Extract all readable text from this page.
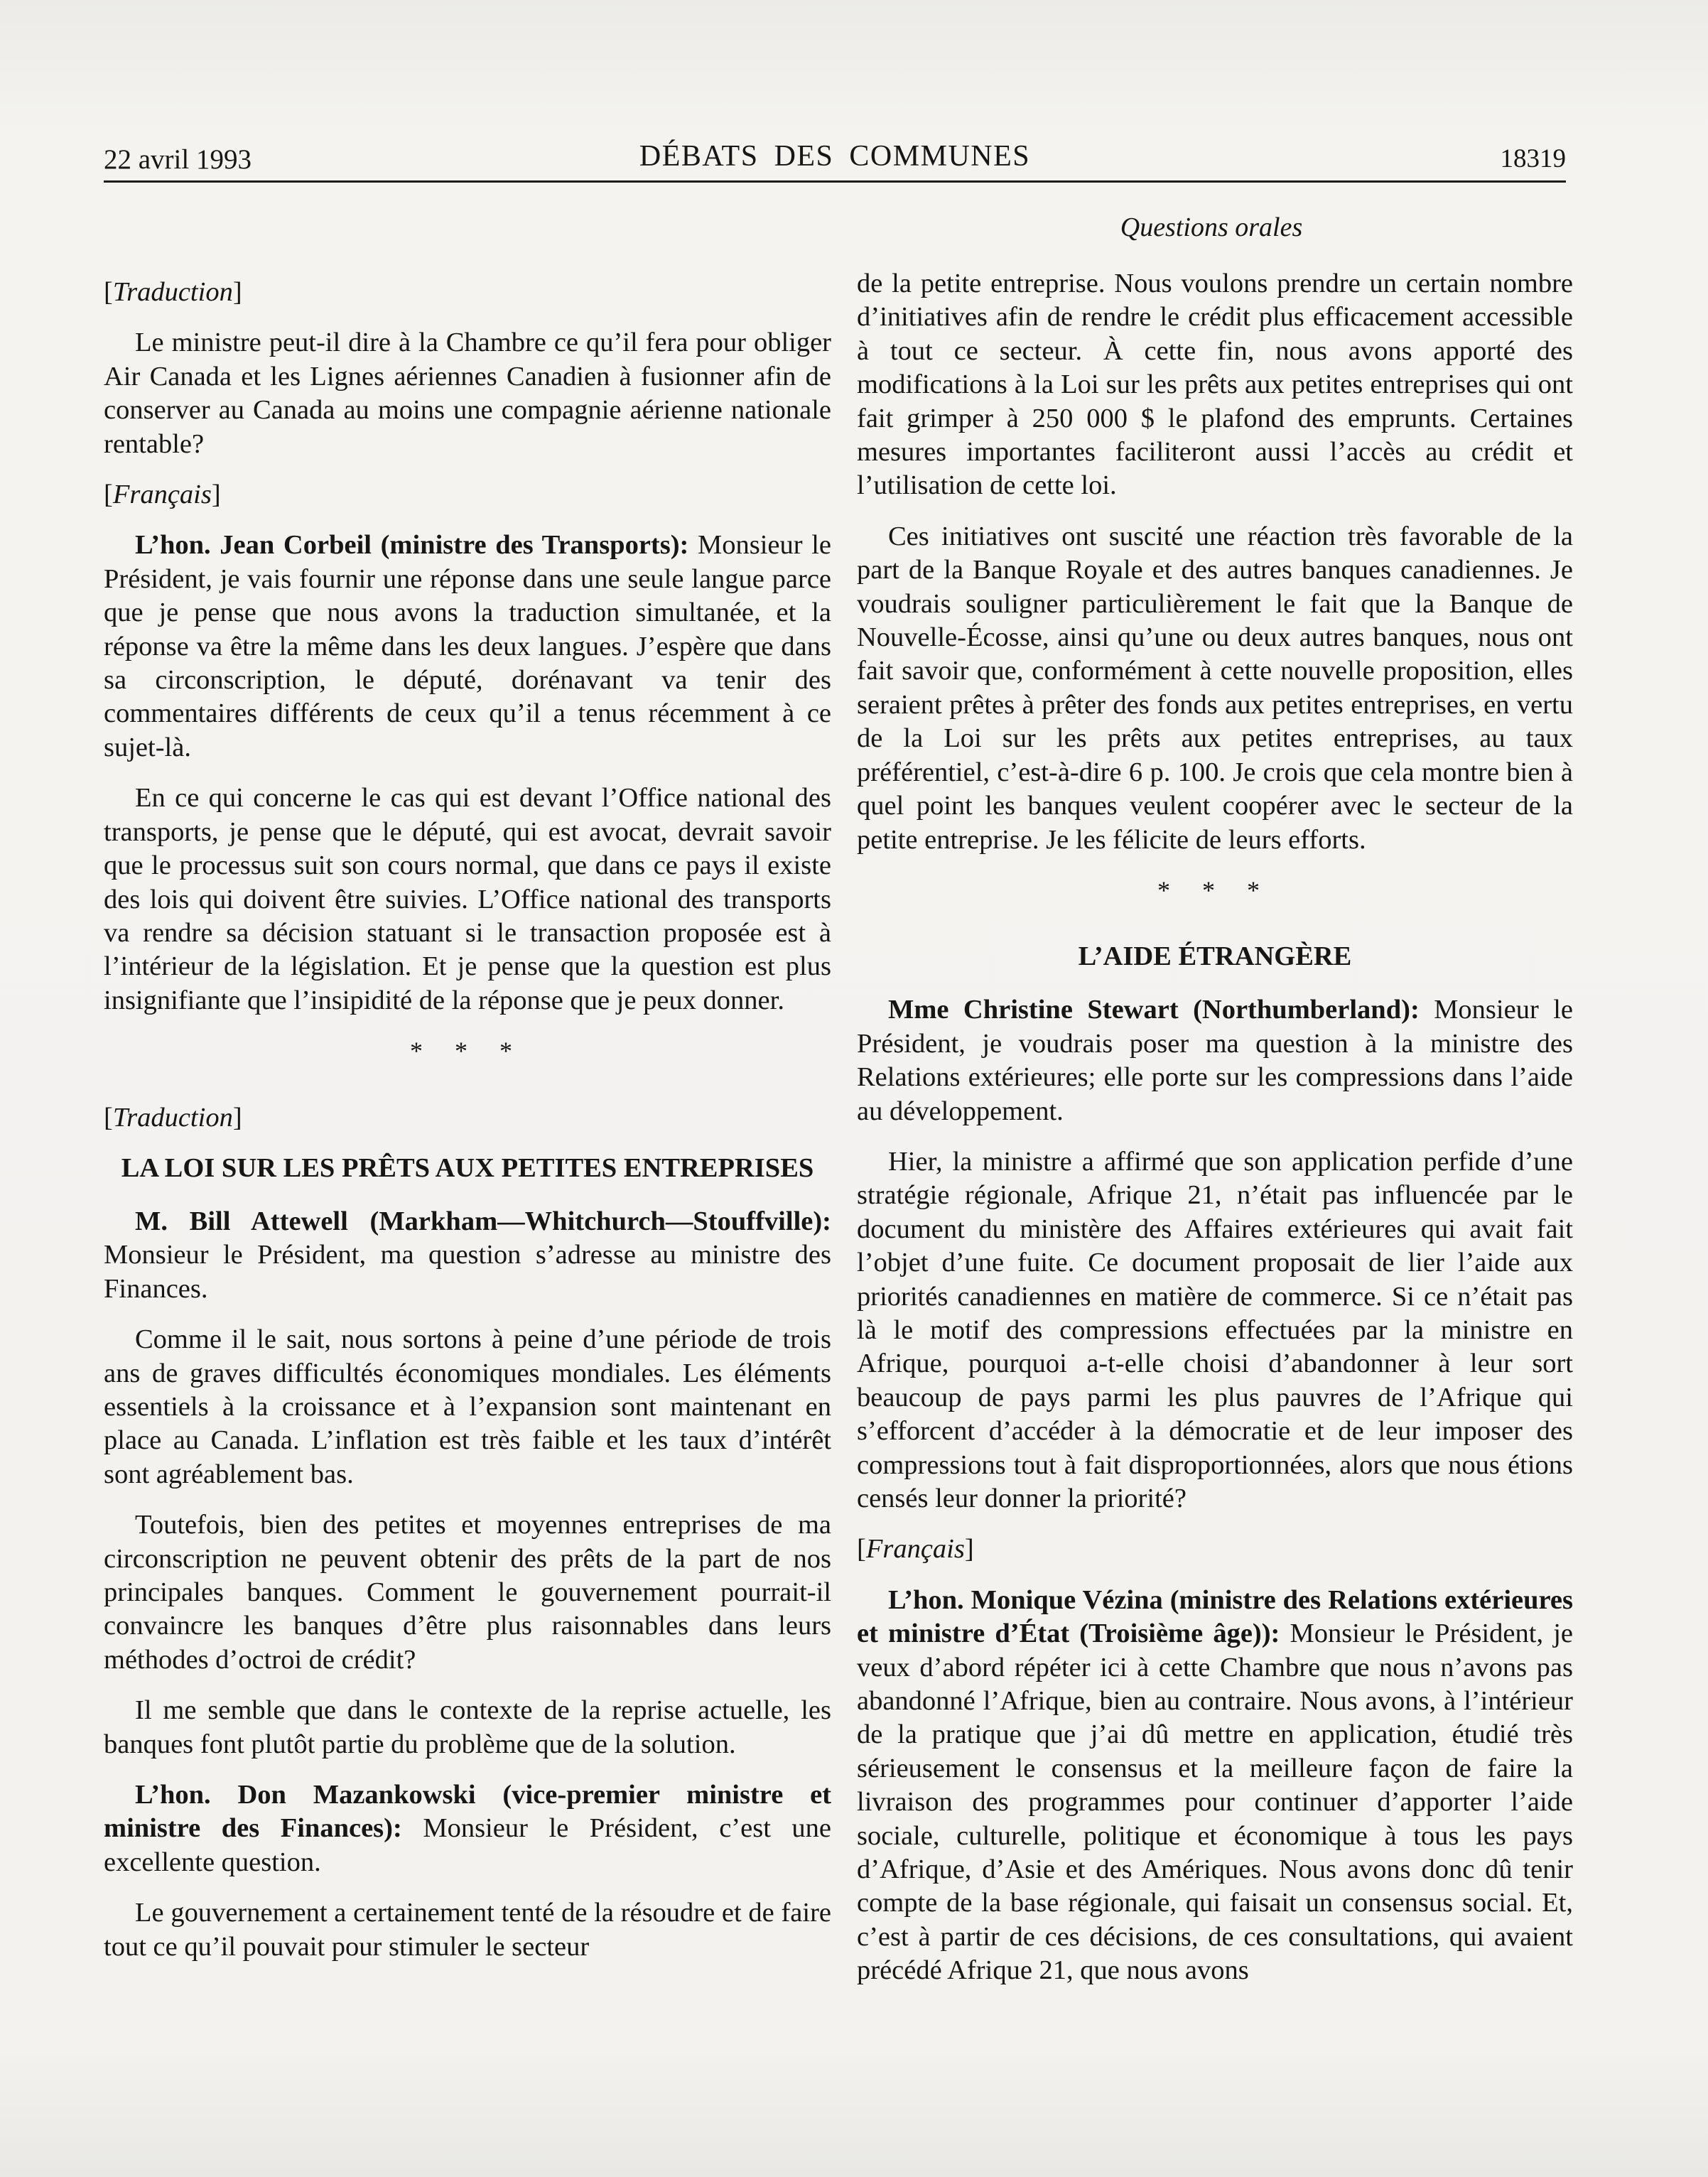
22 avril 1993	DÉBATS DES COMMUNES	18319
Questions orales
[Traduction]

Le ministre peut-il dire à la Chambre ce qu’il fera pour obliger Air Canada et les Lignes aériennes Canadien à fusionner afin de conserver au Canada au moins une compagnie aérienne nationale rentable?

[Français]

L’hon. Jean Corbeil (ministre des Transports): Monsieur le Président, je vais fournir une réponse dans une seule langue parce que je pense que nous avons la traduction simultanée, et la réponse va être la même dans les deux langues. J’espère que dans sa circonscription, le député, dorénavant va tenir des commentaires différents de ceux qu’il a tenus récemment à ce sujet-là.

En ce qui concerne le cas qui est devant l’Office national des transports, je pense que le député, qui est avocat, devrait savoir que le processus suit son cours normal, que dans ce pays il existe des lois qui doivent être suivies. L’Office national des transports va rendre sa décision statuant si le transaction proposée est à l’intérieur de la législation. Et je pense que la question est plus insignifiante que l’insipidité de la réponse que je peux donner.

* * *
[Traduction]
LA LOI SUR LES PRÊTS AUX PETITES ENTREPRISES

M. Bill Attewell (Markham—Whitchurch—Stouffville): Monsieur le Président, ma question s’adresse au ministre des Finances.

Comme il le sait, nous sortons à peine d’une période de trois ans de graves difficultés économiques mondiales. Les éléments essentiels à la croissance et à l’expansion sont maintenant en place au Canada. L’inflation est très faible et les taux d’intérêt sont agréablement bas.

Toutefois, bien des petites et moyennes entreprises de ma circonscription ne peuvent obtenir des prêts de la part de nos principales banques. Comment le gouvernement pourrait-il convaincre les banques d’être plus raisonnables dans leurs méthodes d’octroi de crédit?

Il me semble que dans le contexte de la reprise actuelle, les banques font plutôt partie du problème que de la solution.

L’hon. Don Mazankowski (vice-premier ministre et ministre des Finances): Monsieur le Président, c’est une excellente question.

Le gouvernement a certainement tenté de la résoudre et de faire tout ce qu’il pouvait pour stimuler le secteur

de la petite entreprise. Nous voulons prendre un certain nombre d’initiatives afin de rendre le crédit plus efficacement accessible à tout ce secteur. À cette fin, nous avons apporté des modifications à la Loi sur les prêts aux petites entreprises qui ont fait grimper à 250 000 $ le plafond des emprunts. Certaines mesures importantes faciliteront aussi l’accès au crédit et l’utilisation de cette loi.

Ces initiatives ont suscité une réaction très favorable de la part de la Banque Royale et des autres banques canadiennes. Je voudrais souligner particulièrement le fait que la Banque de Nouvelle-Écosse, ainsi qu’une ou deux autres banques, nous ont fait savoir que, conformément à cette nouvelle proposition, elles seraient prêtes à prêter des fonds aux petites entreprises, en vertu de la Loi sur les prêts aux petites entreprises, au taux préférentiel, c’est-à-dire 6 p. 100. Je crois que cela montre bien à quel point les banques veulent coopérer avec le secteur de la petite entreprise. Je les félicite de leurs efforts.

* * *
L’AIDE ÉTRANGÈRE

Mme Christine Stewart (Northumberland): Monsieur le Président, je voudrais poser ma question à la ministre des Relations extérieures; elle porte sur les compressions dans l’aide au développement.

Hier, la ministre a affirmé que son application perfide d’une stratégie régionale, Afrique 21, n’était pas influencée par le document du ministère des Affaires extérieures qui avait fait l’objet d’une fuite. Ce document proposait de lier l’aide aux priorités canadiennes en matière de commerce. Si ce n’était pas là le motif des compressions effectuées par la ministre en Afrique, pourquoi a-t-elle choisi d’abandonner à leur sort beaucoup de pays parmi les plus pauvres de l’Afrique qui s’efforcent d’accéder à la démocratie et de leur imposer des compressions tout à fait disproportionnées, alors que nous étions censés leur donner la priorité?

[Français]

L’hon. Monique Vézina (ministre des Relations extérieures et ministre d’État (Troisième âge)): Monsieur le Président, je veux d’abord répéter ici à cette Chambre que nous n’avons pas abandonné l’Afrique, bien au contraire. Nous avons, à l’intérieur de la pratique que j’ai dû mettre en application, étudié très sérieusement le consensus et la meilleure façon de faire la livraison des programmes pour continuer d’apporter l’aide sociale, culturelle, politique et économique à tous les pays d’Afrique, d’Asie et des Amériques. Nous avons donc dû tenir compte de la base régionale, qui faisait un consensus social. Et, c’est à partir de ces décisions, de ces consultations, qui avaient précédé Afrique 21, que nous avons
